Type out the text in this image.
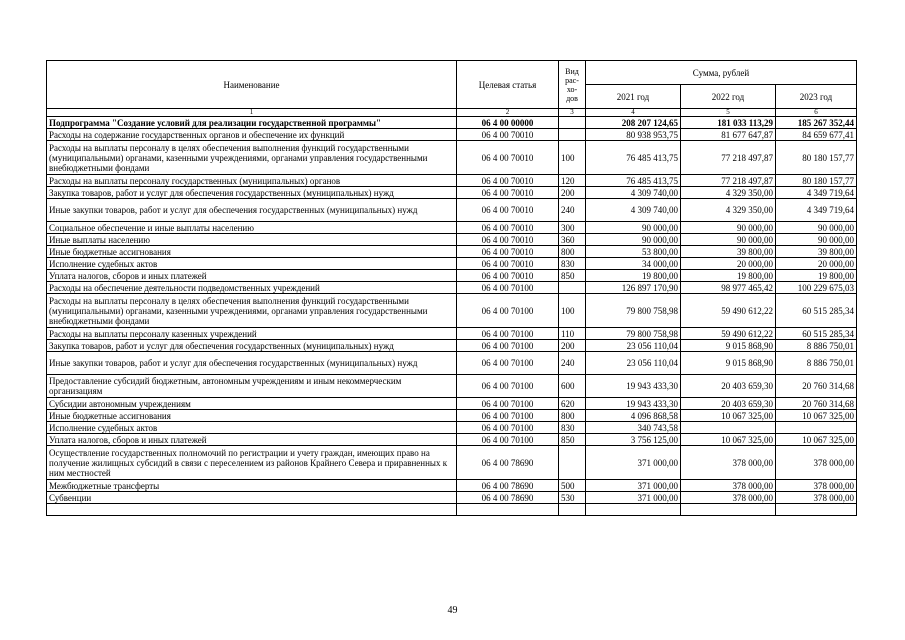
Наименование	Целевая статья	Вид рас- хо- дов	Сумма, рублей		
			2021 год	2022 год	2023 год
1	2	3	4	5	6
Подпрограмма "Создание условий для реализации государственной программы"	06 4 00 00000		208 207 124,65	181 033 113,29	185 267 352,44
Расходы на содержание государственных органов и обеспечение их функций	06 4 00 70010		80 938 953,75	81 677 647,87	84 659 677,41
Расходы на выплаты персоналу в целях обеспечения выполнения функций государственными (муниципальными) органами, казенными учреждениями, органами управления государственными внебюджетными фондами	06 4 00 70010	100	76 485 413,75	77 218 497,87	80 180 157,77
Расходы на выплаты персоналу государственных (муниципальных) органов	06 4 00 70010	120	76 485 413,75	77 218 497,87	80 180 157,77
Закупка товаров, работ и услуг для обеспечения государственных (муниципальных) нужд	06 4 00 70010	200	4 309 740,00	4 329 350,00	4 349 719,64
Иные закупки товаров, работ и услуг для обеспечения государственных (муниципальных) нужд	06 4 00 70010	240	4 309 740,00	4 329 350,00	4 349 719,64
Социальное обеспечение и иные выплаты населению	06 4 00 70010	300	90 000,00	90 000,00	90 000,00
Иные выплаты населению	06 4 00 70010	360	90 000,00	90 000,00	90 000,00
Иные бюджетные ассигнования	06 4 00 70010	800	53 800,00	39 800,00	39 800,00
Исполнение судебных актов	06 4 00 70010	830	34 000,00	20 000,00	20 000,00
Уплата налогов, сборов и иных платежей	06 4 00 70010	850	19 800,00	19 800,00	19 800,00
Расходы на обеспечение деятельности подведомственных учреждений	06 4 00 70100		126 897 170,90	98 977 465,42	100 229 675,03
Расходы на выплаты персоналу в целях обеспечения выполнения функций государственными (муниципальными) органами, казенными учреждениями, органами управления государственными внебюджетными фондами	06 4 00 70100	100	79 800 758,98	59 490 612,22	60 515 285,34
Расходы на выплаты персоналу казенных учреждений	06 4 00 70100	110	79 800 758,98	59 490 612,22	60 515 285,34
Закупка товаров, работ и услуг для обеспечения государственных (муниципальных) нужд	06 4 00 70100	200	23 056 110,04	9 015 868,90	8 886 750,01
Иные закупки товаров, работ и услуг для обеспечения государственных (муниципальных) нужд	06 4 00 70100	240	23 056 110,04	9 015 868,90	8 886 750,01
Предоставление субсидий бюджетным, автономным учреждениям и иным некоммерческим организациям	06 4 00 70100	600	19 943 433,30	20 403 659,30	20 760 314,68
Субсидии автономным учреждениям	06 4 00 70100	620	19 943 433,30	20 403 659,30	20 760 314,68
Иные бюджетные ассигнования	06 4 00 70100	800	4 096 868,58	10 067 325,00	10 067 325,00
Исполнение судебных актов	06 4 00 70100	830	340 743,58		
Уплата налогов, сборов и иных платежей	06 4 00 70100	850	3 756 125,00	10 067 325,00	10 067 325,00
Осуществление государственных полномочий по регистрации и учету граждан, имеющих право на получение жилищных субсидий в связи с переселением из районов Крайнего Севера и приравненных к ним местностей	06 4 00 78690		371 000,00	378 000,00	378 000,00
Межбюджетные трансферты	06 4 00 78690	500	371 000,00	378 000,00	378 000,00
Субвенции	06 4 00 78690	530	371 000,00	378 000,00	378 000,00

49
